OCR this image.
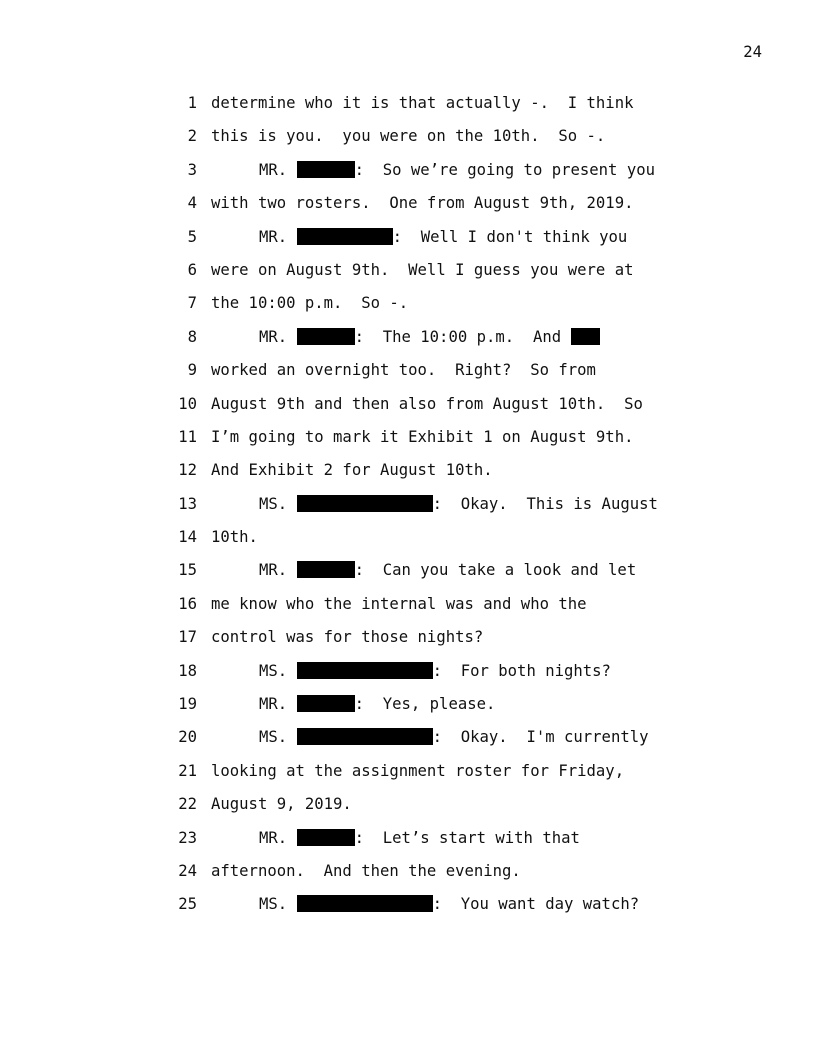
24

1

determine who it is that actually -.  I think

2

this is you.  you were on the 10th.  So -.

3

	MR.	:  So we’re going to present you

4

with two rosters.  One from August 9th, 2019.

5

	MR.	:  Well I don't think you

6

were on August 9th.  Well I guess you were at

7

the 10:00 p.m.  So -.

8

	MR.	:  The 10:00 p.m.  And

9

worked an overnight too.  Right?  So from

10

August 9th and then also from August 10th.  So

11

I’m going to mark it Exhibit 1 on August 9th.

12

And Exhibit 2 for August 10th.

13

	MS.	:  Okay.  This is August

14

10th.

15

	MR.	:  Can you take a look and let

16

me know who the internal was and who the

17

control was for those nights?

18

	MS.	:  For both nights?

19

	MR.	:  Yes, please.

20

	MS.	:  Okay.  I'm currently

21

looking at the assignment roster for Friday,

22

August 9, 2019.

23

	MR.	:  Let’s start with that

24

afternoon.  And then the evening.

25

	MS.	:  You want day watch?
